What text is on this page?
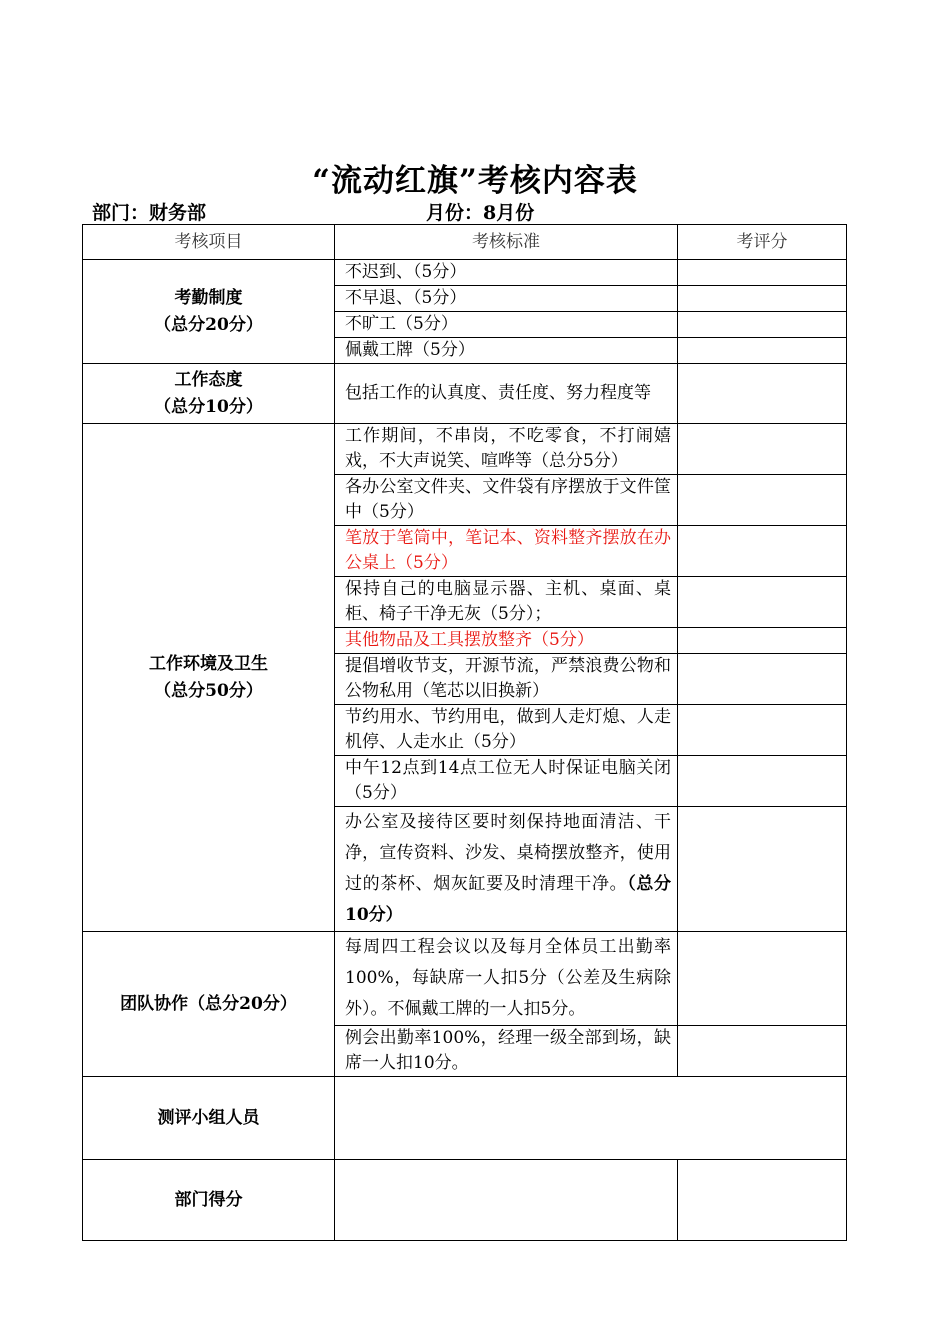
“流动红旗”考核内容表
部门：财务部	月份：8月份
考核项目	考核标准	考评分

考勤制度
（总分20分）	不迟到、（5分）	
	不早退、（5分）	
	不旷工（5分）	
	佩戴工牌（5分）	

工作态度
（总分10分）	包括工作的认真度、责任度、努力程度等	

工作环境及卫生
（总分50分）	工作期间，不串岗，不吃零食，不打闹嬉戏，不大声说笑、喧哗等（总分5分）	
	各办公室文件夹、文件袋有序摆放于文件筐中（5分）	
	笔放于笔筒中，笔记本、资料整齐摆放在办公桌上（5分）	
	保持自己的电脑显示器、主机、桌面、桌柜、椅子干净无灰（5分）；	
	其他物品及工具摆放整齐（5分）	
	提倡增收节支，开源节流，严禁浪费公物和公物私用（笔芯以旧换新）	
	节约用水、节约用电，做到人走灯熄、人走机停、人走水止（5分）	
	中午12点到14点工位无人时保证电脑关闭（5分）	
	办公室及接待区要时刻保持地面清洁、干净，宣传资料、沙发、桌椅摆放整齐，使用过的茶杯、烟灰缸要及时清理干净。（总分10分）	

团队协作（总分20分）	每周四工程会议以及每月全体员工出勤率100%，每缺席一人扣5分（公差及生病除外）。不佩戴工牌的一人扣5分。	
	例会出勤率100%，经理一级全部到场，缺席一人扣10分。	
测评小组人员		
部门得分		
